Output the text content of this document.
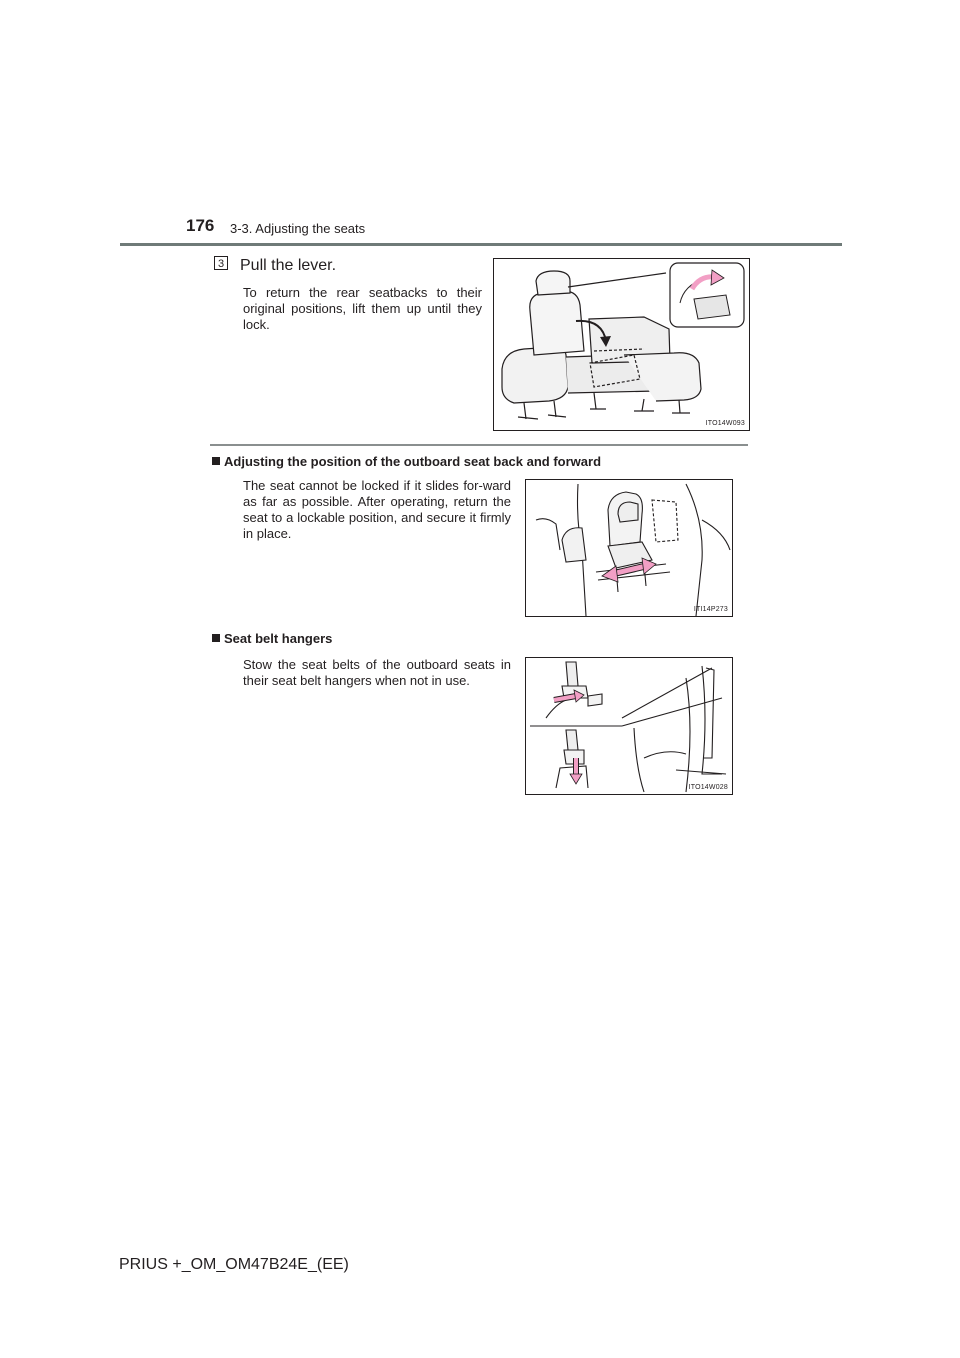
176 3-3. Adjusting the seats
3 Pull the lever.
To return the rear seatbacks to their original positions, lift them up until they lock.
ITO14W093
Adjusting the position of the outboard seat back and forward
The seat cannot be locked if it slides for-ward as far as possible. After operating, return the seat to a lockable position, and secure it firmly in place.
ITI14P273
Seat belt hangers
Stow the seat belts of the outboard seats in their seat belt hangers when not in use.
ITO14W028
PRIUS +_OM_OM47B24E_(EE)
